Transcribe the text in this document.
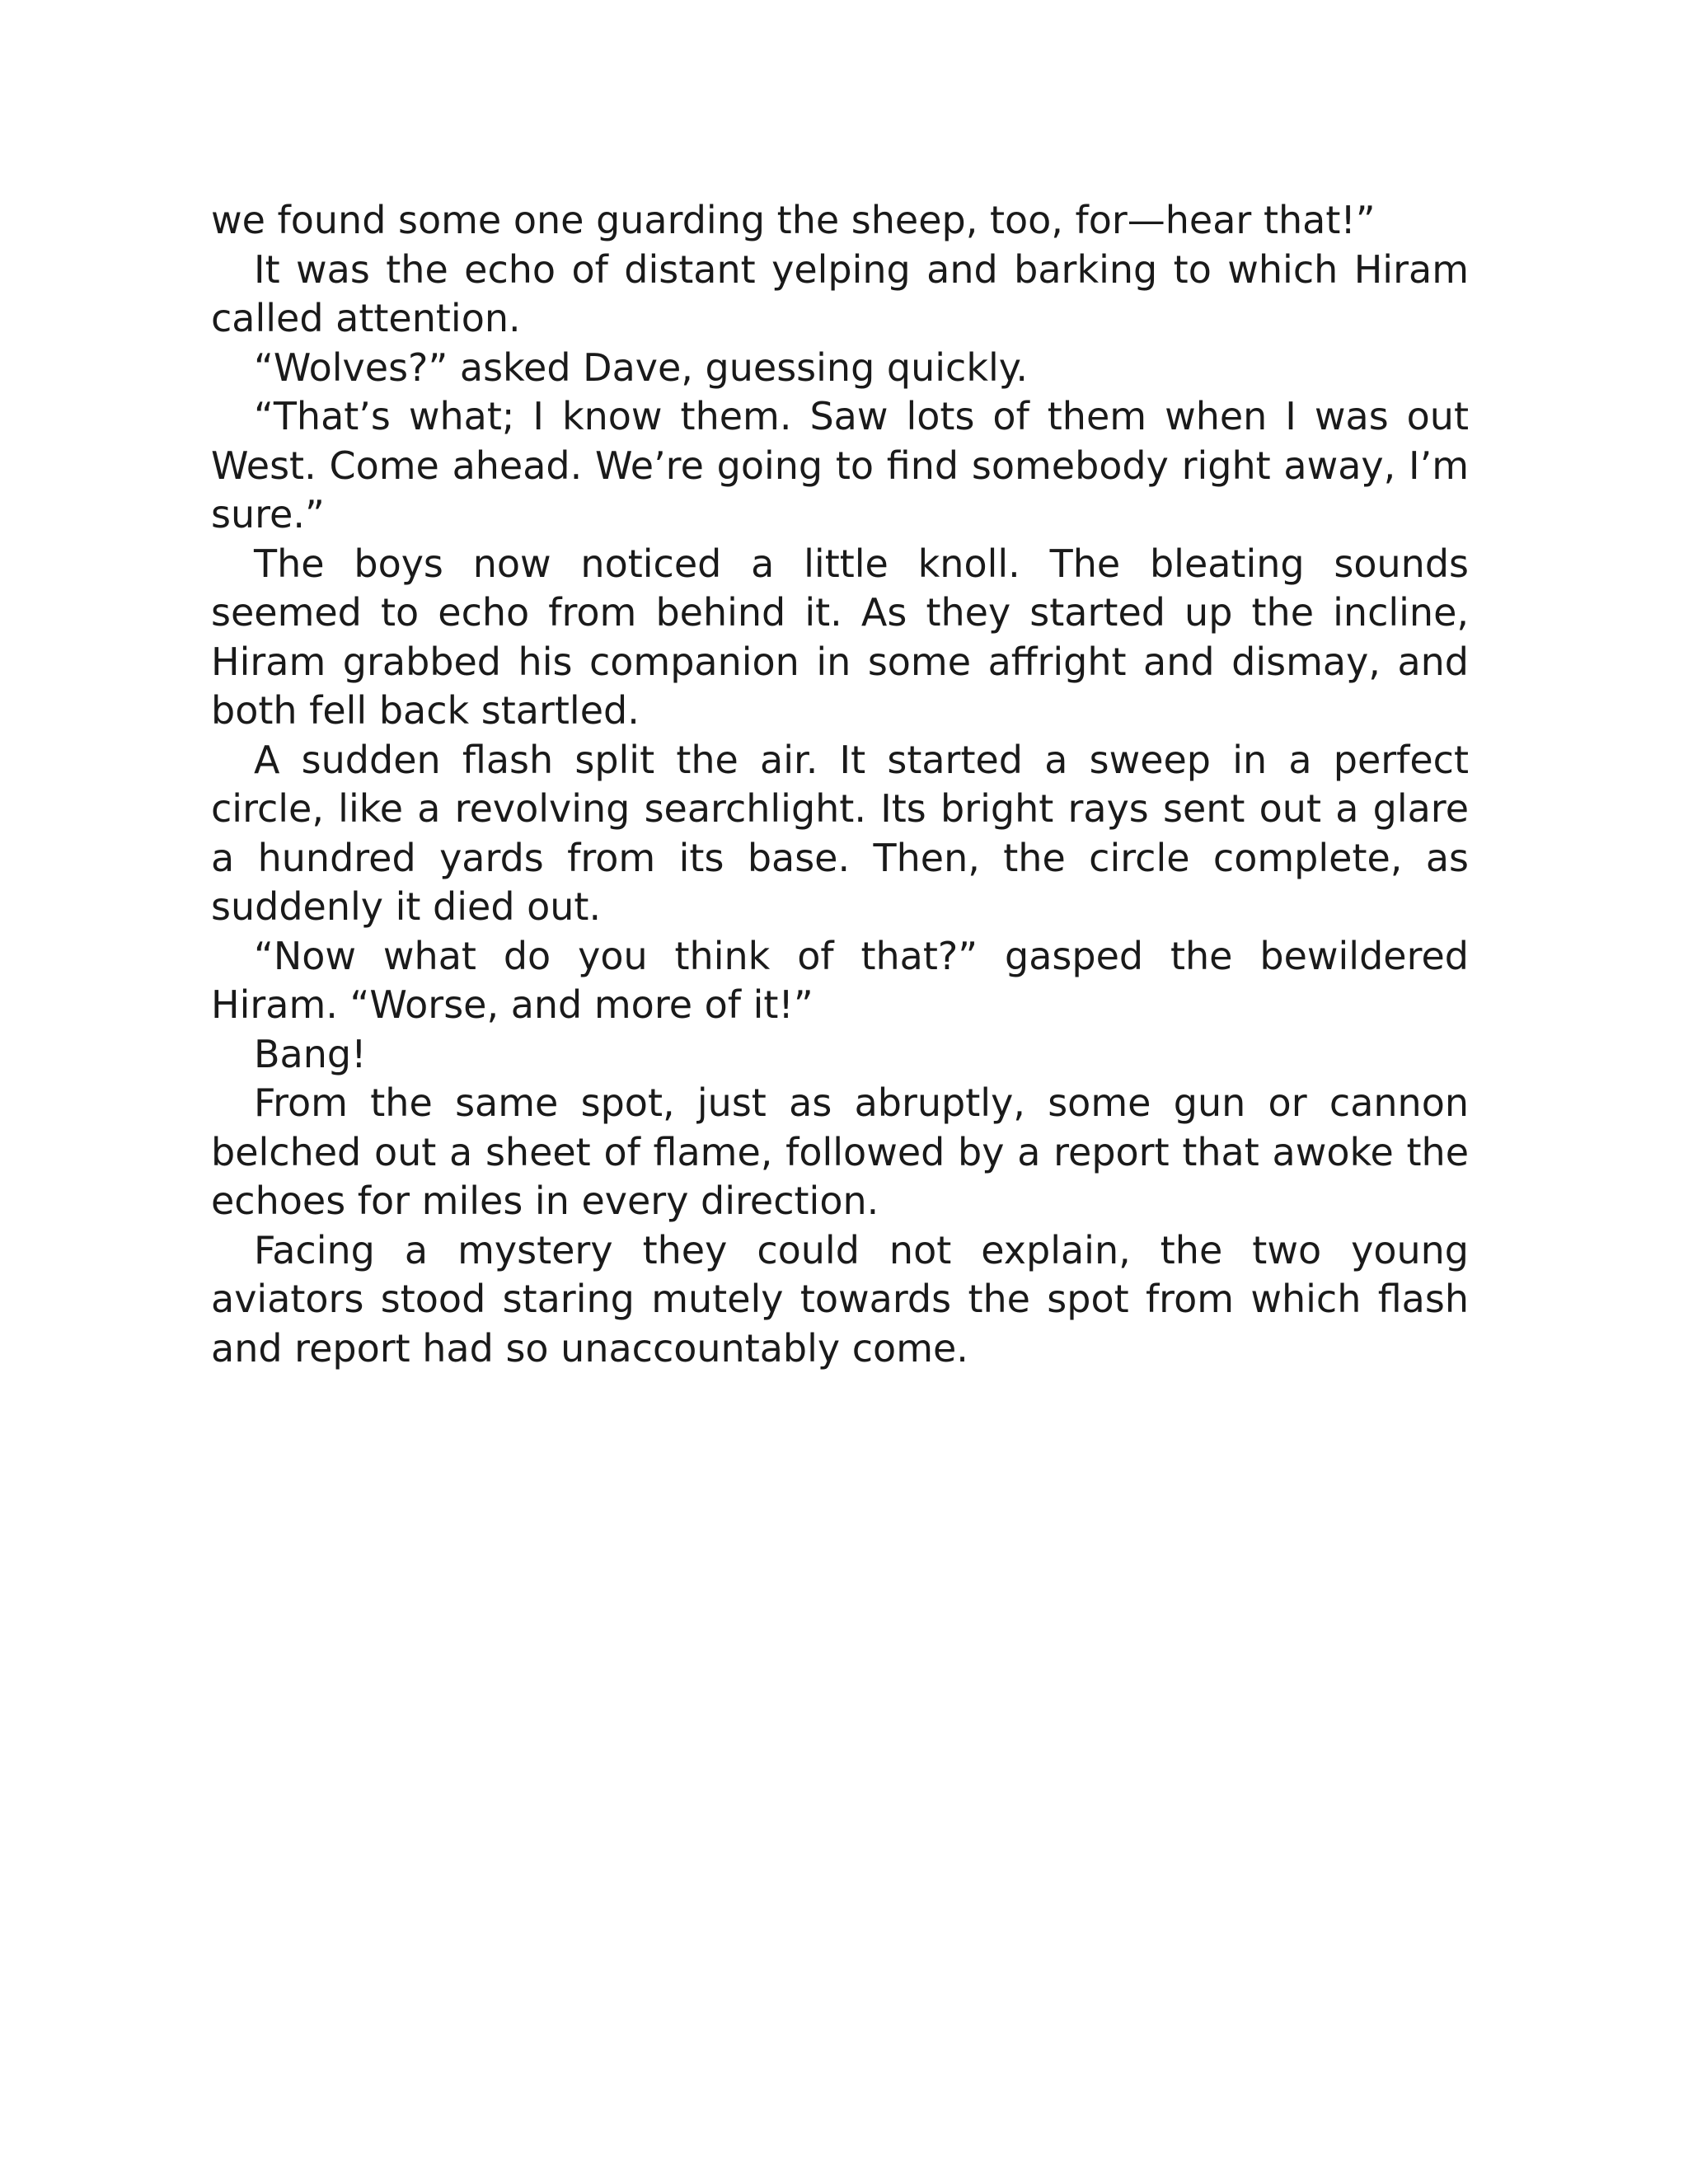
we found some one guarding the sheep, too, for—hear that!”

It was the echo of distant yelping and barking to which Hiram called attention.

“Wolves?” asked Dave, guessing quickly.

“That’s what; I know them. Saw lots of them when I was out West. Come ahead. We’re going to find somebody right away, I’m sure.”

The boys now noticed a little knoll. The bleating sounds seemed to echo from behind it. As they started up the incline, Hiram grabbed his companion in some affright and dismay, and both fell back startled.

A sudden flash split the air. It started a sweep in a perfect circle, like a revolving searchlight. Its bright rays sent out a glare a hundred yards from its base. Then, the circle complete, as suddenly it died out.

“Now what do you think of that?” gasped the bewildered Hiram. “Worse, and more of it!”

Bang!

From the same spot, just as abruptly, some gun or cannon belched out a sheet of flame, followed by a report that awoke the echoes for miles in every direction.

Facing a mystery they could not explain, the two young aviators stood staring mutely towards the spot from which flash and report had so unaccountably come.
